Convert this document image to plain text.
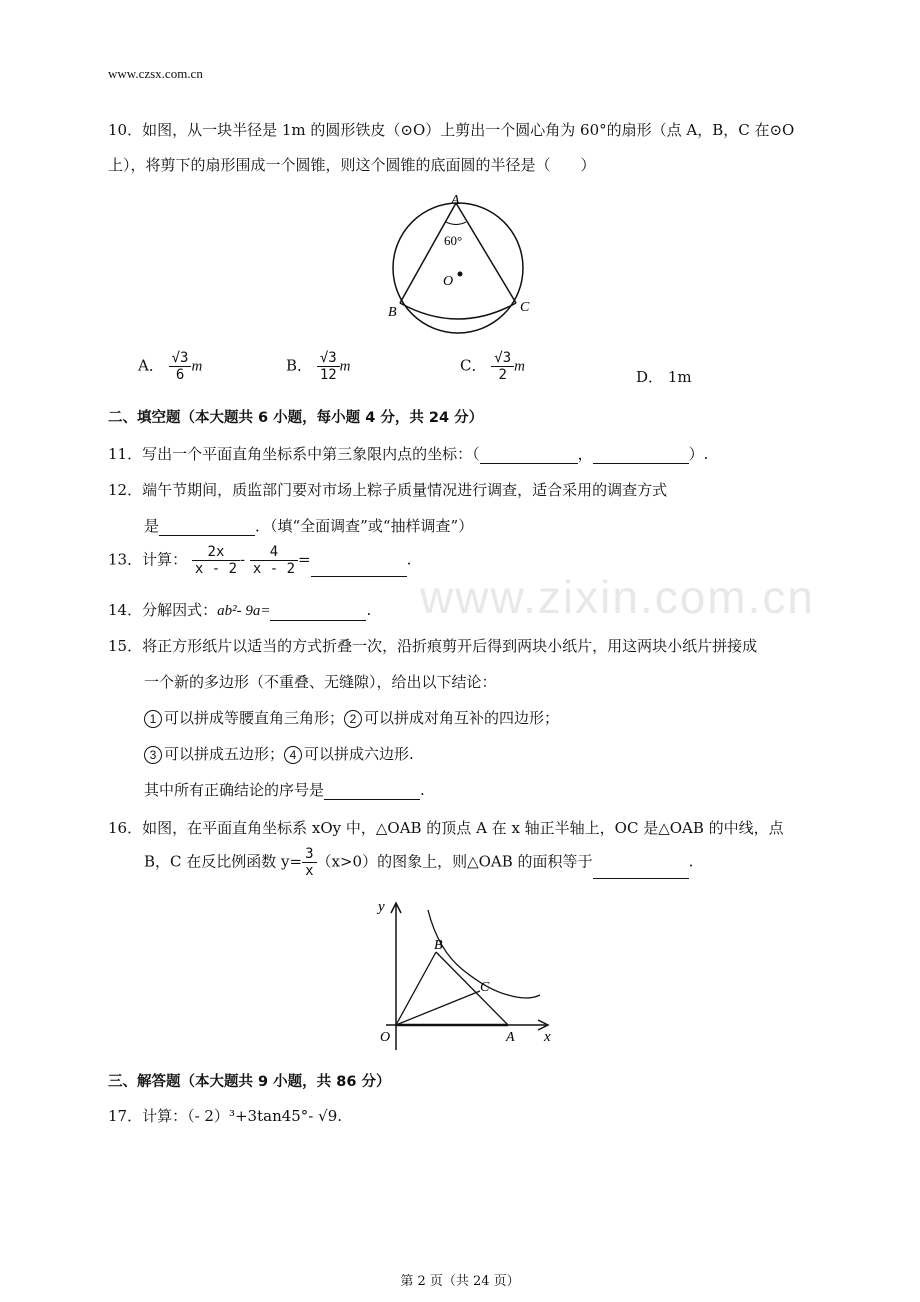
www.czsx.com.cn
www.zixin.com.cn
10．如图，从一块半径是 1m 的圆形铁皮（⊙O）上剪出一个圆心角为 60°的扇形（点 A，B，C 在⊙O
上），将剪下的扇形围成一个圆锥，则这个圆锥的底面圆的半径是（　　）
A
60°
O
B	C
A． $\frac{√3}{6}$ m	B． $\frac{√3}{12}$ m	C． $\frac{√3}{2}$ m
D． 1m
二、填空题（本大题共 6 小题，每小题 4 分，共 24 分）
11．写出一个平面直角坐标系中第三象限内点的坐标：（	，	）.
12．端午节期间，质监部门要对市场上粽子质量情况进行调查，适合采用的调查方式
是	．（填“全面调查”或“抽样调查”）
13．计算： $\frac{2x}{x - 2} - \frac{4}{x - 2}$ =	.
14．分解因式：ab²- 9a=	.
15．将正方形纸片以适当的方式折叠一次，沿折痕剪开后得到两块小纸片，用这两块小纸片拼接成
一个新的多边形（不重叠、无缝隙），给出以下结论：
1 可以拼成等腰直角三角形； 2 可以拼成对角互补的四边形；
3 可以拼成五边形； 4 可以拼成六边形.
其中所有正确结论的序号是	.
16．如图，在平面直角坐标系 xOy 中，△OAB 的顶点 A 在 x 轴正半轴上，OC 是△OAB 的中线，点
B，C 在反比例函数 $y= \frac{3}{x} (x>0)$的图象上，则△OAB 的面积等于	.
y
x
O	A
B
C
三、解答题（本大题共 9 小题，共 86 分）
17．计算：（- 2）³+3tan45°- √9.
第 2 页（共 24 页）
